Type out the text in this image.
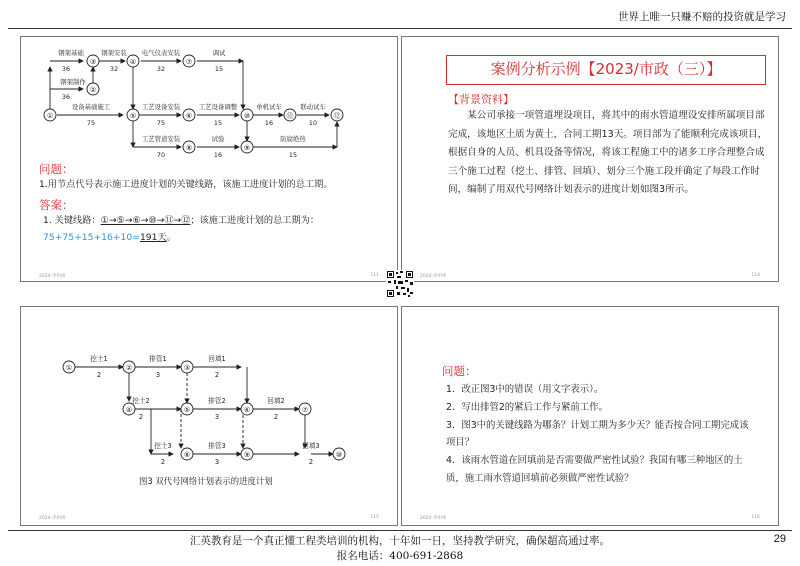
世界上唯一只赚不赔的投资就是学习
①
②
③	④
⑤	⑥
⑦
⑧	⑨
⑩	⑪	⑫
钢架基础
36
钢架制作
36
钢架安装
32
电气仪表安装
32
调试
15
设备基础施工
75
工艺设备安装
75
工艺设备调整
15
单机试车
16
联动试车
10
工艺管道安装
70
试验
16
防腐绝热
15
问题：
1.用节点代号表示施工进度计划的关键线路，该施工进度计划的总工期。
答案：
1. 关键线路：①→⑤→⑥→⑩→⑪→⑫；该施工进度计划的总工期为：
75+75+15+16+10=191天。
2024·李州州	111
案例分析示例【2023/市政（三）】
【背景资料】
某公司承接一项管道埋设项目，将其中的雨水管道埋设安排所属项目部完成，该地区土质为黄土，合同工期13天。项目部为了能顺利完成该项目，根据自身的人员、机具设备等情况，将该工程施工中的诸多工序合理整合成三个施工过程（挖土、排管、回填）、划分三个施工段并确定了每段工作时间，编制了用双代号网络计划表示的进度计划如图3所示。
2024·李州州	114
①	②	③
④	⑤	⑥	⑦
⑧	⑨	⑩
挖土1
2
排管1
3
回填1
2
挖土2
2
排管2
3
回填2
2
挖土3
2
排管3
3
回填3
2
图3 双代号网络计划表示的进度计划
2024·李州州	115
问题：
1．改正图3中的错误（用文字表示）。
2．写出排管2的紧后工作与紧前工作。
3．图3中的关键线路为哪条？计划工期为多少天？能否按合同工期完成该项目？
4．该雨水管道在回填前是否需要做严密性试验？我国有哪三种地区的土质，施工雨水管道回填前必须做严密性试验？
2024·李州州	116
汇英教育是一个真正懂工程类培训的机构，十年如一日，坚持教学研究，确保超高通过率。
报名电话：400-691-2868
29
